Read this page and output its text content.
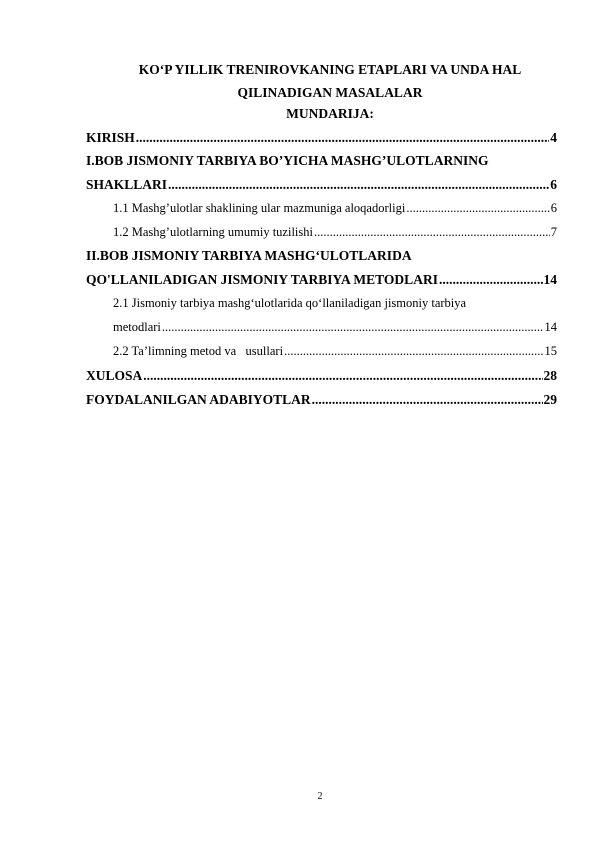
KO‘P YILLIK TRENIROVKANING ETAPLARI VA UNDA HAL
QILINADIGAN MASALALAR
MUNDARIJA:
KIRISH .....	4
I.BOB JISMONIY TARBIYA BO’YICHA MASHG’ULOTLARNING
SHAKLLARI .....	6
1.1 Mashg’ulotlar shaklining ular mazmuniga aloqadorligi .....	6
1.2 Mashg’ulotlarning umumiy tuzilishi .....	7
II.BOB JISMONIY TARBIYA MASHG‘ULOTLARIDA
QO'LLANILADIGAN JISMONIY TARBIYA METODLARI .....	14
2.1 Jismoniy tarbiya mashg‘ulotlarida qo‘llaniladigan jismoniy tarbiya
metodlari .....	14
2.2 Ta’limning metod va   usullari .....	15
XULOSA .....	28
FOYDALANILGAN ADABIYOTLAR .....	29
2
